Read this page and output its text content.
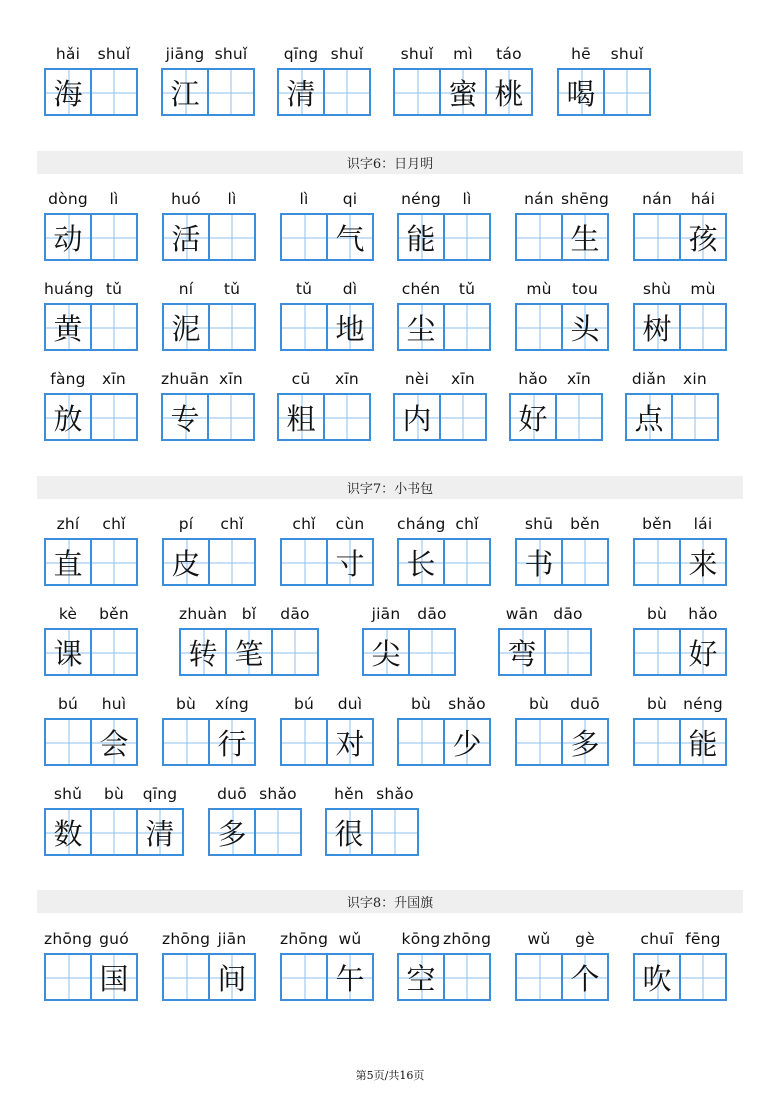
识字6：日月明
识字7：小书包
识字8：升国旗
第5页/共16页
hǎi	shuǐ
海
jiāng shuǐ
江
qīng shuǐ
清
shuǐ	mì	táo
蜜 桃
hē	shuǐ
喝
dòng	lì
动
huó	lì
活
lì	qi
气
néng	lì
能
nán shēng
生
nán	hái
孩
huáng tǔ
黄
ní	tǔ
泥
tǔ	dì
地
chén	tǔ
尘
mù	tou
头
shù	mù
树
fàng	xīn
放
zhuān xīn
专
cū	xīn
粗
nèi	xīn
内
hǎo	xīn
好
diǎn	xin
点
zhí	chǐ
直
pí	chǐ
皮
chǐ	cùn
寸
cháng chǐ
长
shū	běn
书
běn	lái
来
kè	běn
课
zhuàn bǐ	dāo
转 笔
jiān	dāo
尖
wān dāo
弯
bù	hǎo
好
bú	huì
会
bù	xíng
行
bú	duì
对
bù	shǎo
少
bù	duō
多
bù	néng
能
shǔ	bù	qīng
数 清
duō shǎo
多
hěn shǎo
很
zhōng guó
国
zhōng jiān
间
zhōng wǔ
午
kōng zhōng
空
wǔ	gè
个
chuī fēng
吹
